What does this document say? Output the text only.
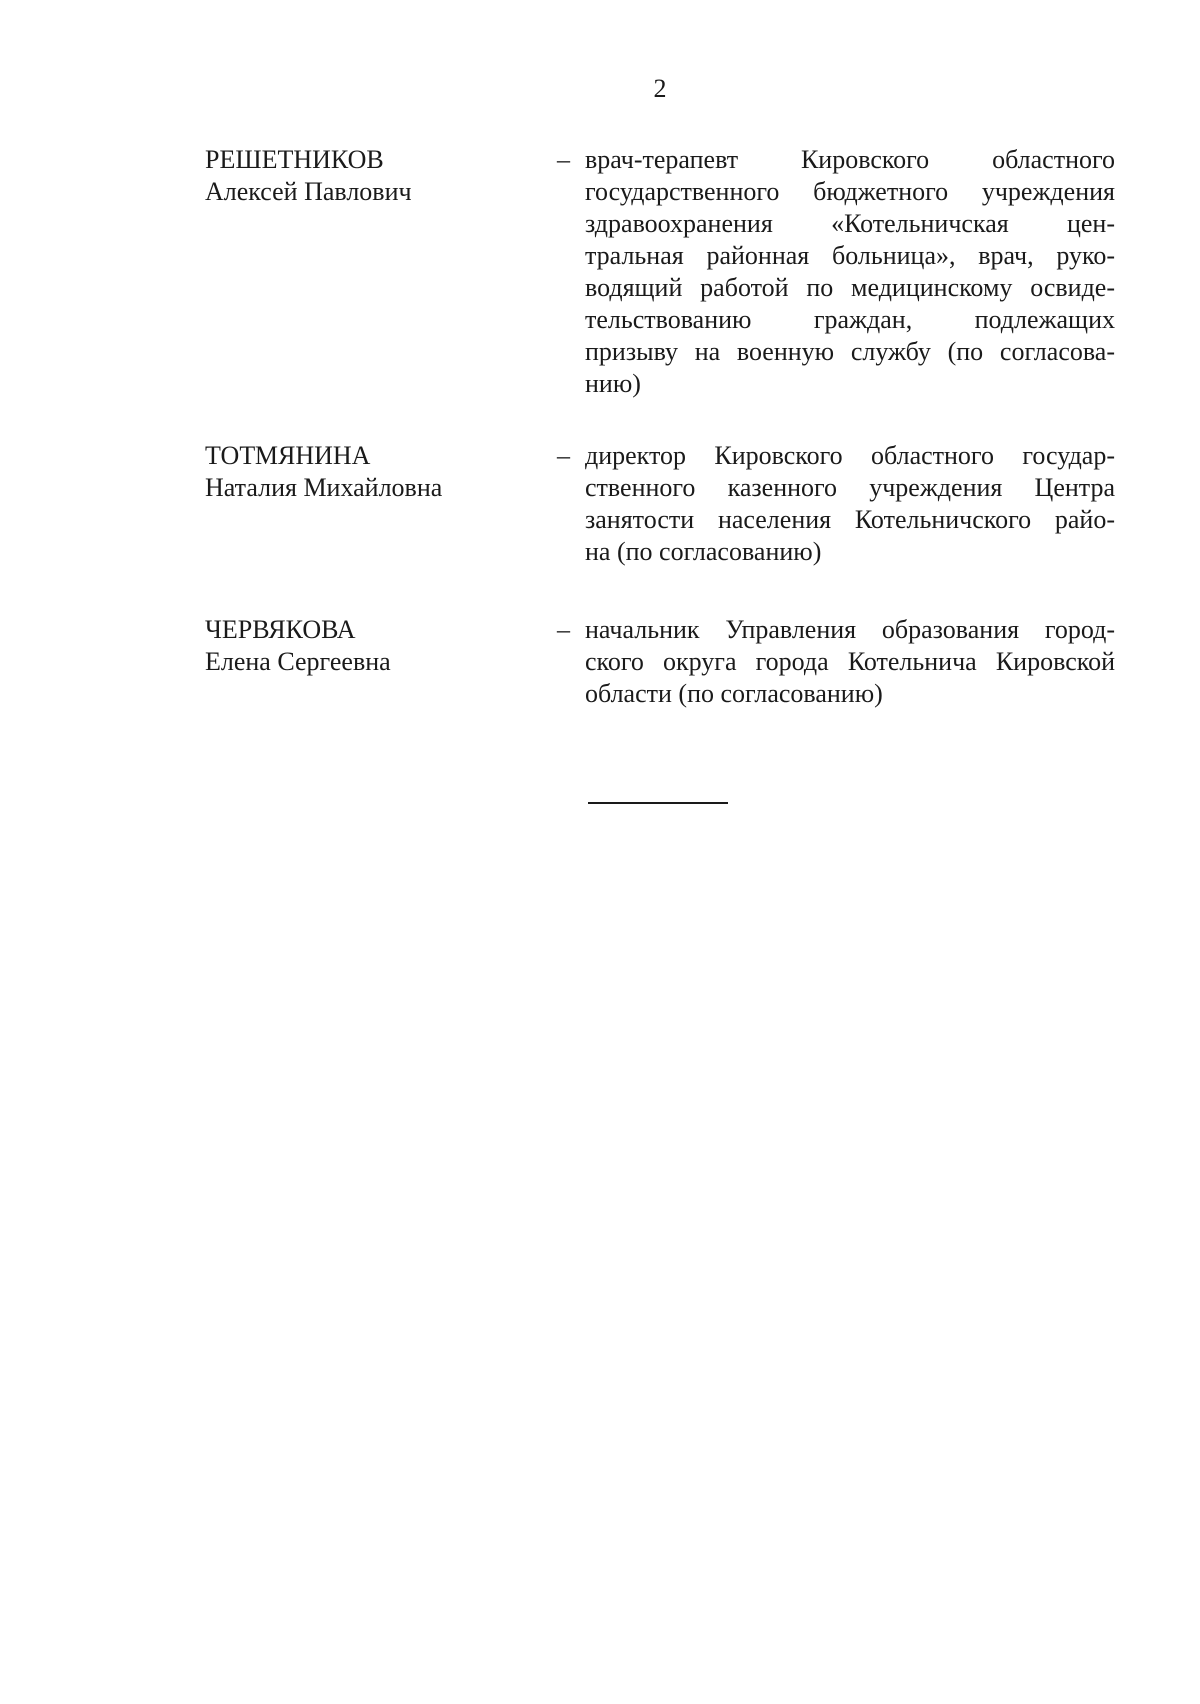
2
РЕШЕТНИКОВ
Алексей Павлович
– врач-терапевт Кировского областного
государственного бюджетного учреждения
здравоохранения «Котельничская цен-
тральная районная больница», врач, руко-
водящий работой по медицинскому освиде-
тельствованию граждан, подлежащих
призыву на военную службу (по согласова-
нию)
ТОТМЯНИНА
Наталия Михайловна
– директор Кировского областного государ-
ственного казенного учреждения Центра
занятости населения Котельничского райо-
на (по согласованию)
ЧЕРВЯКОВА
Елена Сергеевна
– начальник Управления образования город-
ского округа города Котельнича Кировской
области (по согласованию)
